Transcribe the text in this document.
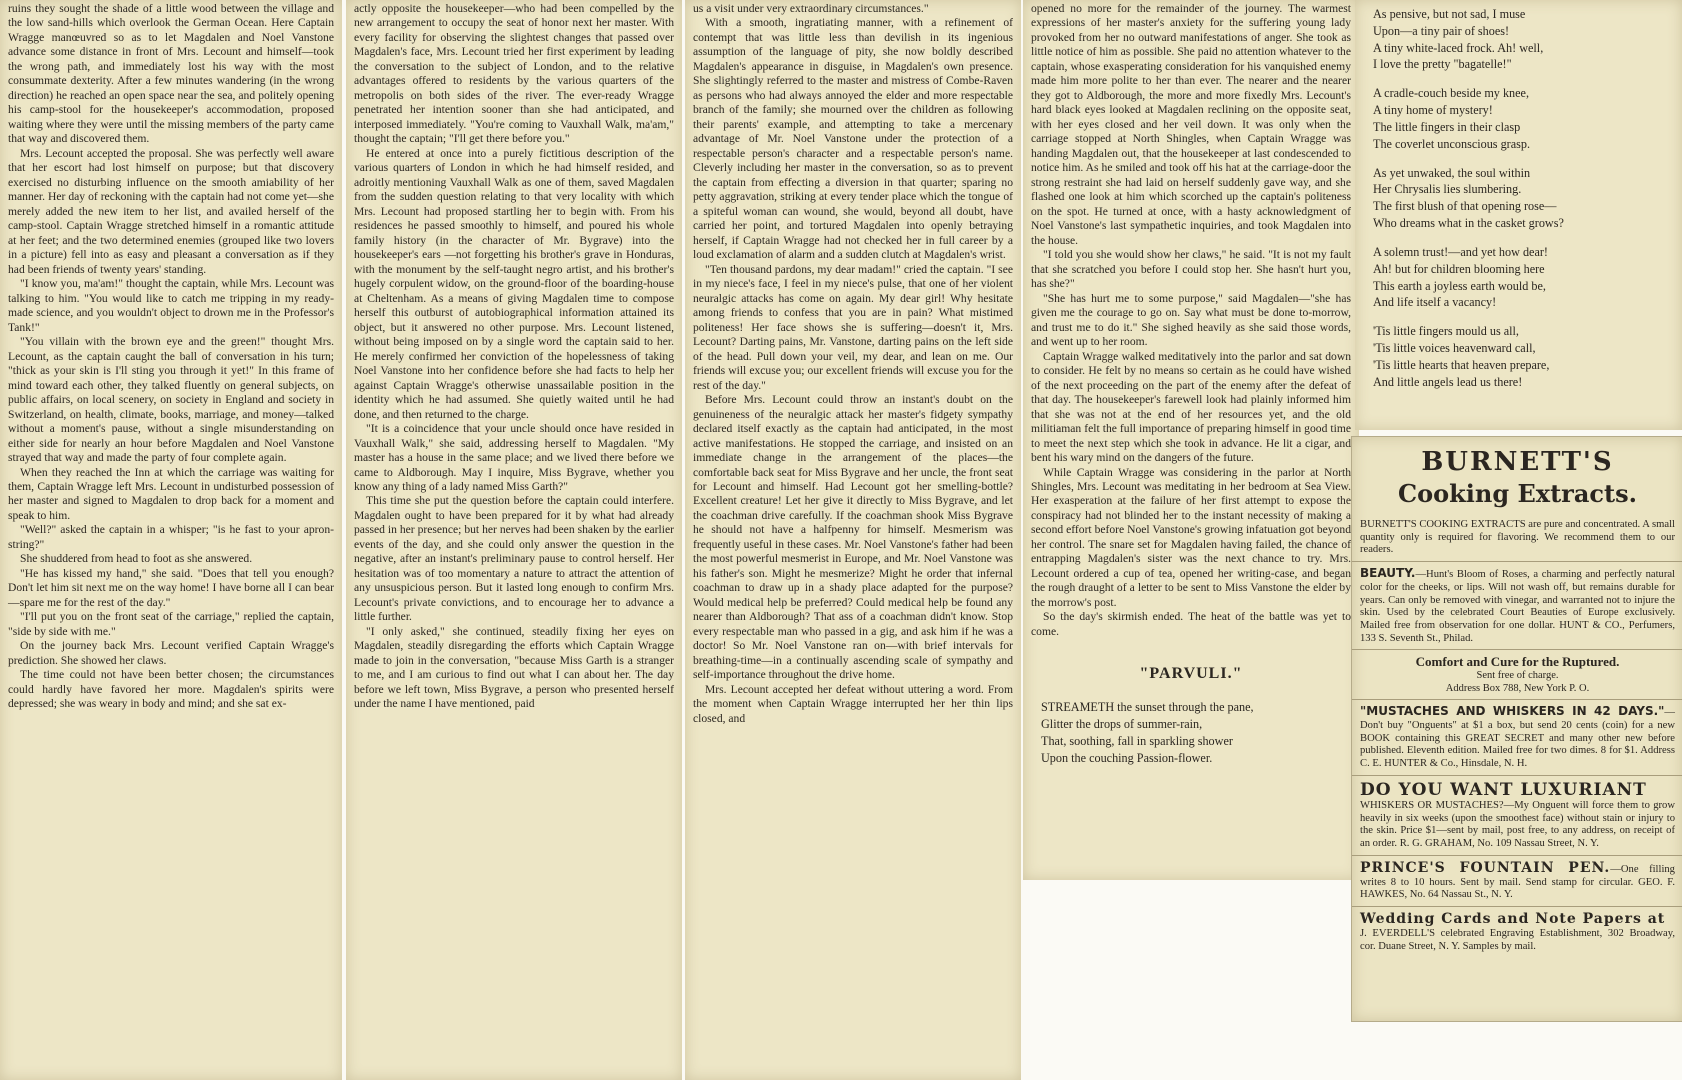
ruins they sought the shade of a little wood between the village and the low sand-hills which overlook the German Ocean. Here Captain Wragge manœuvred so as to let Magdalen and Noel Vanstone advance some distance in front of Mrs. Lecount and himself—took the wrong path, and immediately lost his way with the most consummate dexterity. After a few minutes wandering (in the wrong direction) he reached an open space near the sea, and politely opening his camp-stool for the housekeeper's accommodation, proposed waiting where they were until the missing members of the party came that way and discovered them.

Mrs. Lecount accepted the proposal. She was perfectly well aware that her escort had lost himself on purpose; but that discovery exercised no disturbing influence on the smooth amiability of her manner. Her day of reckoning with the captain had not come yet—she merely added the new item to her list, and availed herself of the camp-stool. Captain Wragge stretched himself in a romantic attitude at her feet; and the two determined enemies (grouped like two lovers in a picture) fell into as easy and pleasant a conversation as if they had been friends of twenty years' standing.

"I know you, ma'am!" thought the captain, while Mrs. Lecount was talking to him. "You would like to catch me tripping in my ready-made science, and you wouldn't object to drown me in the Professor's Tank!"

"You villain with the brown eye and the green!" thought Mrs. Lecount, as the captain caught the ball of conversation in his turn; "thick as your skin is I'll sting you through it yet!" In this frame of mind toward each other, they talked fluently on general subjects, on public affairs, on local scenery, on society in England and society in Switzerland, on health, climate, books, marriage, and money—talked without a moment's pause, without a single misunderstanding on either side for nearly an hour before Magdalen and Noel Vanstone strayed that way and made the party of four complete again.

When they reached the Inn at which the carriage was waiting for them, Captain Wragge left Mrs. Lecount in undisturbed possession of her master and signed to Magdalen to drop back for a moment and speak to him.

"Well?" asked the captain in a whisper; "is he fast to your apron-string?"

She shuddered from head to foot as she answered.

"He has kissed my hand," she said. "Does that tell you enough? Don't let him sit next me on the way home! I have borne all I can bear—spare me for the rest of the day."

"I'll put you on the front seat of the carriage," replied the captain, "side by side with me."

On the journey back Mrs. Lecount verified Captain Wragge's prediction. She showed her claws.

The time could not have been better chosen; the circumstances could hardly have favored her more. Magdalen's spirits were depressed; she was weary in body and mind; and she sat ex-

actly opposite the housekeeper—who had been compelled by the new arrangement to occupy the seat of honor next her master. With every facility for observing the slightest changes that passed over Magdalen's face, Mrs. Lecount tried her first experiment by leading the conversation to the subject of London, and to the relative advantages offered to residents by the various quarters of the metropolis on both sides of the river. The ever-ready Wragge penetrated her intention sooner than she had anticipated, and interposed immediately. "You're coming to Vauxhall Walk, ma'am," thought the captain; "I'll get there before you."

He entered at once into a purely fictitious description of the various quarters of London in which he had himself resided, and adroitly mentioning Vauxhall Walk as one of them, saved Magdalen from the sudden question relating to that very locality with which Mrs. Lecount had proposed startling her to begin with. From his residences he passed smoothly to himself, and poured his whole family history (in the character of Mr. Bygrave) into the housekeeper's ears —not forgetting his brother's grave in Honduras, with the monument by the self-taught negro artist, and his brother's hugely corpulent widow, on the ground-floor of the boarding-house at Cheltenham. As a means of giving Magdalen time to compose herself this outburst of autobiographical information attained its object, but it answered no other purpose. Mrs. Lecount listened, without being imposed on by a single word the captain said to her. He merely confirmed her conviction of the hopelessness of taking Noel Vanstone into her confidence before she had facts to help her against Captain Wragge's otherwise unassailable position in the identity which he had assumed. She quietly waited until he had done, and then returned to the charge.

"It is a coincidence that your uncle should once have resided in Vauxhall Walk," she said, addressing herself to Magdalen. "My master has a house in the same place; and we lived there before we came to Aldborough. May I inquire, Miss Bygrave, whether you know any thing of a lady named Miss Garth?"

This time she put the question before the captain could interfere. Magdalen ought to have been prepared for it by what had already passed in her presence; but her nerves had been shaken by the earlier events of the day, and she could only answer the question in the negative, after an instant's preliminary pause to control herself. Her hesitation was of too momentary a nature to attract the attention of any unsuspicious person. But it lasted long enough to confirm Mrs. Lecount's private convictions, and to encourage her to advance a little further.

"I only asked," she continued, steadily fixing her eyes on Magdalen, steadily disregarding the efforts which Captain Wragge made to join in the conversation, "because Miss Garth is a stranger to me, and I am curious to find out what I can about her. The day before we left town, Miss Bygrave, a person who presented herself under the name I have mentioned, paid

us a visit under very extraordinary circumstances."

With a smooth, ingratiating manner, with a refinement of contempt that was little less than devilish in its ingenious assumption of the language of pity, she now boldly described Magdalen's appearance in disguise, in Magdalen's own presence. She slightingly referred to the master and mistress of Combe-Raven as persons who had always annoyed the elder and more respectable branch of the family; she mourned over the children as following their parents' example, and attempting to take a mercenary advantage of Mr. Noel Vanstone under the protection of a respectable person's character and a respectable person's name. Cleverly including her master in the conversation, so as to prevent the captain from effecting a diversion in that quarter; sparing no petty aggravation, striking at every tender place which the tongue of a spiteful woman can wound, she would, beyond all doubt, have carried her point, and tortured Magdalen into openly betraying herself, if Captain Wragge had not checked her in full career by a loud exclamation of alarm and a sudden clutch at Magdalen's wrist.

"Ten thousand pardons, my dear madam!" cried the captain. "I see in my niece's face, I feel in my niece's pulse, that one of her violent neuralgic attacks has come on again. My dear girl! Why hesitate among friends to confess that you are in pain? What mistimed politeness! Her face shows she is suffering—doesn't it, Mrs. Lecount? Darting pains, Mr. Vanstone, darting pains on the left side of the head. Pull down your veil, my dear, and lean on me. Our friends will excuse you; our excellent friends will excuse you for the rest of the day."

Before Mrs. Lecount could throw an instant's doubt on the genuineness of the neuralgic attack her master's fidgety sympathy declared itself exactly as the captain had anticipated, in the most active manifestations. He stopped the carriage, and insisted on an immediate change in the arrangement of the places—the comfortable back seat for Miss Bygrave and her uncle, the front seat for Lecount and himself. Had Lecount got her smelling-bottle? Excellent creature! Let her give it directly to Miss Bygrave, and let the coachman drive carefully. If the coachman shook Miss Bygrave he should not have a halfpenny for himself. Mesmerism was frequently useful in these cases. Mr. Noel Vanstone's father had been the most powerful mesmerist in Europe, and Mr. Noel Vanstone was his father's son. Might he mesmerize? Might he order that infernal coachman to draw up in a shady place adapted for the purpose? Would medical help be preferred? Could medical help be found any nearer than Aldborough? That ass of a coachman didn't know. Stop every respectable man who passed in a gig, and ask him if he was a doctor! So Mr. Noel Vanstone ran on—with brief intervals for breathing-time—in a continually ascending scale of sympathy and self-importance throughout the drive home.

Mrs. Lecount accepted her defeat without uttering a word. From the moment when Captain Wragge interrupted her her thin lips closed, and

opened no more for the remainder of the journey. The warmest expressions of her master's anxiety for the suffering young lady provoked from her no outward manifestations of anger. She took as little notice of him as possible. She paid no attention whatever to the captain, whose exasperating consideration for his vanquished enemy made him more polite to her than ever. The nearer and the nearer they got to Aldborough, the more and more fixedly Mrs. Lecount's hard black eyes looked at Magdalen reclining on the opposite seat, with her eyes closed and her veil down. It was only when the carriage stopped at North Shingles, when Captain Wragge was handing Magdalen out, that the housekeeper at last condescended to notice him. As he smiled and took off his hat at the carriage-door the strong restraint she had laid on herself suddenly gave way, and she flashed one look at him which scorched up the captain's politeness on the spot. He turned at once, with a hasty acknowledgment of Noel Vanstone's last sympathetic inquiries, and took Magdalen into the house.

"I told you she would show her claws," he said. "It is not my fault that she scratched you before I could stop her. She hasn't hurt you, has she?"

"She has hurt me to some purpose," said Magdalen—"she has given me the courage to go on. Say what must be done to-morrow, and trust me to do it." She sighed heavily as she said those words, and went up to her room.

Captain Wragge walked meditatively into the parlor and sat down to consider. He felt by no means so certain as he could have wished of the next proceeding on the part of the enemy after the defeat of that day. The housekeeper's farewell look had plainly informed him that she was not at the end of her resources yet, and the old militiaman felt the full importance of preparing himself in good time to meet the next step which she took in advance. He lit a cigar, and bent his wary mind on the dangers of the future.

While Captain Wragge was considering in the parlor at North Shingles, Mrs. Lecount was meditating in her bedroom at Sea View. Her exasperation at the failure of her first attempt to expose the conspiracy had not blinded her to the instant necessity of making a second effort before Noel Vanstone's growing infatuation got beyond her control. The snare set for Magdalen having failed, the chance of entrapping Magdalen's sister was the next chance to try. Mrs. Lecount ordered a cup of tea, opened her writing-case, and began the rough draught of a letter to be sent to Miss Vanstone the elder by the morrow's post.

So the day's skirmish ended. The heat of the battle was yet to come.

"PARVULI."
STREAMETH the sunset through the pane,
Glitter the drops of summer-rain,
That, soothing, fall in sparkling shower
Upon the couching Passion-flower.
As pensive, but not sad, I muse
Upon—a tiny pair of shoes!
A tiny white-laced frock. Ah! well,
I love the pretty "bagatelle!"
A cradle-couch beside my knee,
A tiny home of mystery!
The little fingers in their clasp
The coverlet unconscious grasp.
As yet unwaked, the soul within
Her Chrysalis lies slumbering.
The first blush of that opening rose—
Who dreams what in the casket grows?
A solemn trust!—and yet how dear!
Ah! but for children blooming here
This earth a joyless earth would be,
And life itself a vacancy!
'Tis little fingers mould us all,
'Tis little voices heavenward call,
'Tis little hearts that heaven prepare,
And little angels lead us there!
BURNETT'S
Cooking Extracts.
BURNETT'S COOKING EXTRACTS are pure and concentrated. A small quantity only is required for flavoring. We recommend them to our readers.
BEAUTY.—Hunt's Bloom of Roses, a charming and perfectly natural color for the cheeks, or lips. Will not wash off, but remains durable for years. Can only be removed with vinegar, and warranted not to injure the skin. Used by the celebrated Court Beauties of Europe exclusively. Mailed free from observation for one dollar. HUNT & CO., Perfumers, 133 S. Seventh St., Philad.
Comfort and Cure for the Ruptured.
Sent free of charge.
Address Box 788, New York P. O.
"MUSTACHES AND WHISKERS IN 42 DAYS."—Don't buy "Onguents" at $1 a box, but send 20 cents (coin) for a new BOOK containing this GREAT SECRET and many other new before published. Eleventh edition. Mailed free for two dimes. 8 for $1. Address C. E. HUNTER & Co., Hinsdale, N. H.
DO YOU WANT LUXURIANT
WHISKERS OR MUSTACHES?—My Onguent will force them to grow heavily in six weeks (upon the smoothest face) without stain or injury to the skin. Price $1—sent by mail, post free, to any address, on receipt of an order. R. G. GRAHAM, No. 109 Nassau Street, N. Y.
PRINCE'S FOUNTAIN PEN.—One filling writes 8 to 10 hours. Sent by mail. Send stamp for circular. GEO. F. HAWKES, No. 64 Nassau St., N. Y.
Wedding Cards and Note Papers at
J. EVERDELL'S celebrated Engraving Establishment, 302 Broadway, cor. Duane Street, N. Y. Samples by mail.
